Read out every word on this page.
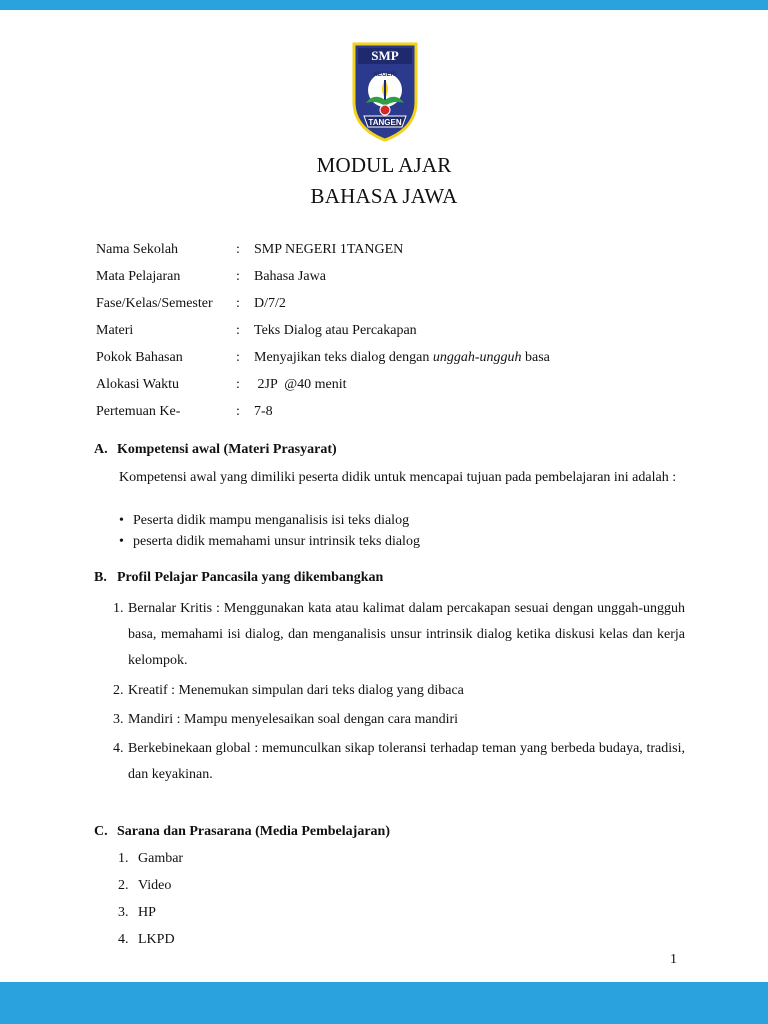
SMP
NEGERI
TANGEN
MODUL AJAR
BAHASA JAWA
Nama Sekolah	: SMP NEGERI 1TANGEN
Mata Pelajaran	: Bahasa Jawa
Fase/Kelas/Semester : D/7/2
Materi	: Teks Dialog atau Percakapan
Pokok Bahasan	: Menyajikan teks dialog dengan unggah-ungguh basa
Alokasi Waktu	: 2JP  @40 menit
Pertemuan Ke-	: 7-8
A. Kompetensi awal (Materi Prasyarat)
Kompetensi awal yang dimiliki peserta didik untuk mencapai tujuan pada pembelajaran ini adalah :
• Peserta didik mampu menganalisis isi teks dialog
• peserta didik memahami unsur intrinsik teks dialog
B. Profil Pelajar Pancasila yang dikembangkan
1. Bernalar Kritis : Menggunakan kata atau kalimat dalam percakapan sesuai dengan unggah-ungguh basa, memahami isi dialog, dan menganalisis unsur intrinsik dialog ketika diskusi kelas dan kerja kelompok.
2. Kreatif : Menemukan simpulan dari teks dialog yang dibaca
3. Mandiri : Mampu menyelesaikan soal dengan cara mandiri
4. Berkebinekaan global : memunculkan sikap toleransi terhadap teman yang berbeda budaya, tradisi, dan keyakinan.
C. Sarana dan Prasarana (Media Pembelajaran)
1. Gambar
2. Video
3. HP
4. LKPD
1
